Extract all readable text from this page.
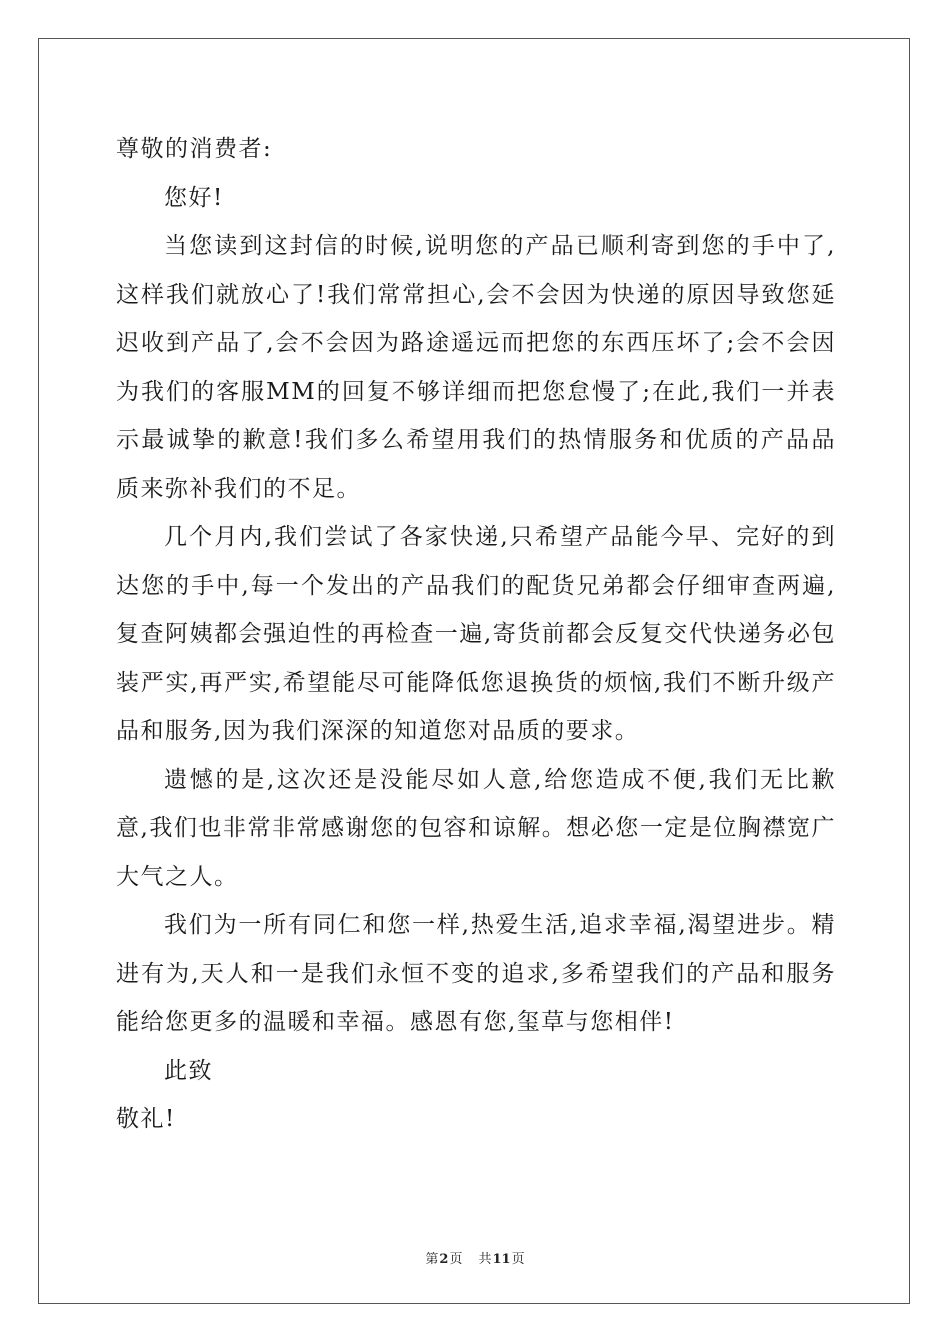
尊敬的消费者:

您好!

当您读到这封信的时候,说明您的产品已顺利寄到您的手中了,这样我们就放心了!我们常常担心,会不会因为快递的原因导致您延迟收到产品了,会不会因为路途遥远而把您的东西压坏了;会不会因为我们的客服MM的回复不够详细而把您怠慢了;在此,我们一并表示最诚挚的歉意!我们多么希望用我们的热情服务和优质的产品品质来弥补我们的不足。

几个月内,我们尝试了各家快递,只希望产品能今早、完好的到达您的手中,每一个发出的产品我们的配货兄弟都会仔细审查两遍,复查阿姨都会强迫性的再检查一遍,寄货前都会反复交代快递务必包装严实,再严实,希望能尽可能降低您退换货的烦恼,我们不断升级产品和服务,因为我们深深的知道您对品质的要求。

遗憾的是,这次还是没能尽如人意,给您造成不便,我们无比歉意,我们也非常非常感谢您的包容和谅解。想必您一定是位胸襟宽广大气之人。

我们为一所有同仁和您一样,热爱生活,追求幸福,渴望进步。精进有为,天人和一是我们永恒不变的追求,多希望我们的产品和服务能给您更多的温暖和幸福。感恩有您,玺草与您相伴!

此致

敬礼!

第2页 共11页
